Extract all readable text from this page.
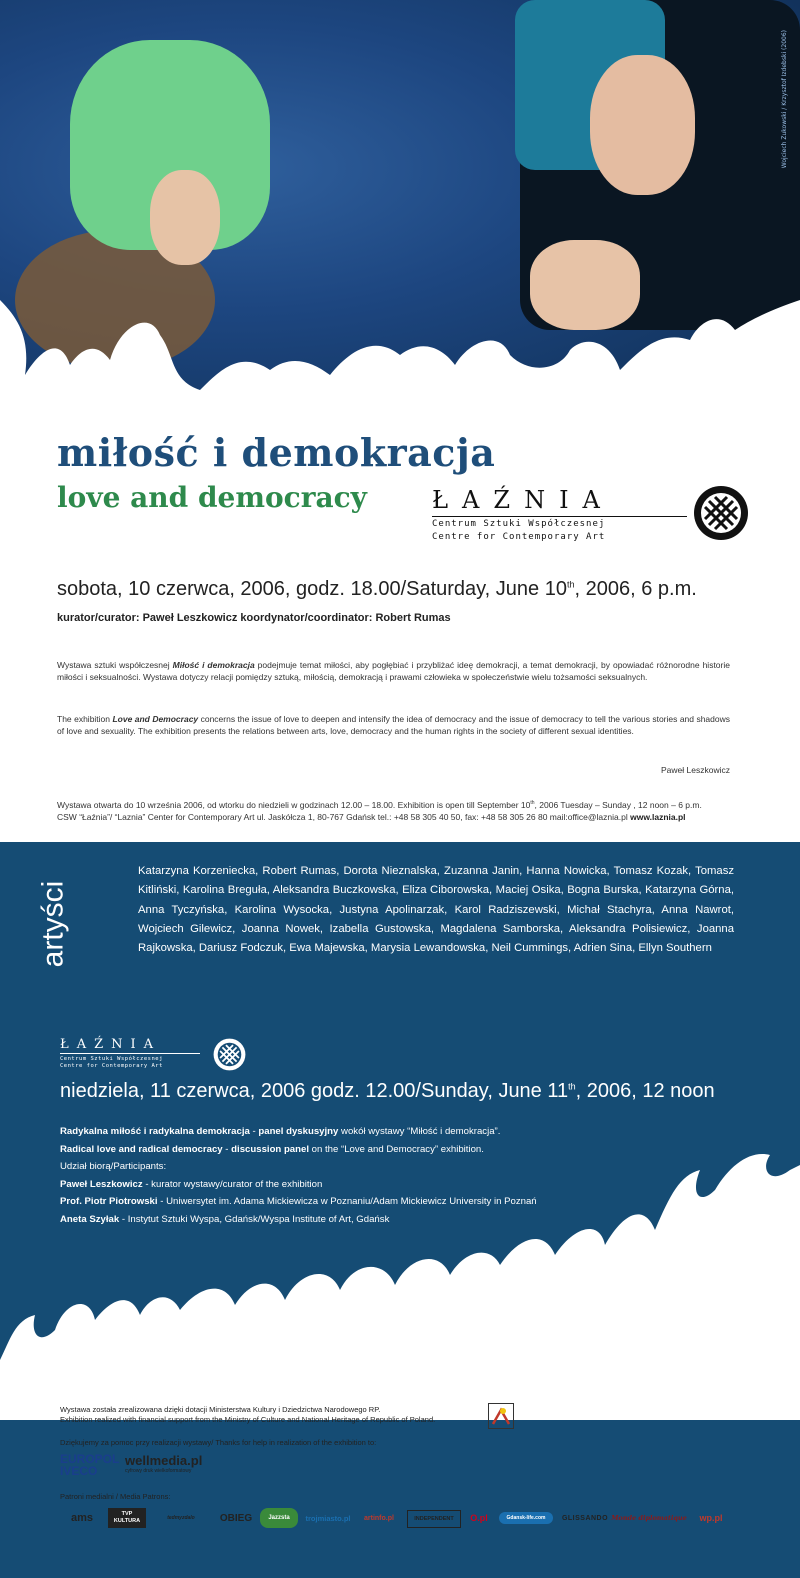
Wojciech Żukowski / Krzysztof Izdebski (2006)
miłość i demokracja
love and democracy	ŁAŹNIA
Centrum Sztuki Współczesnej
Centre for Contemporary Art
sobota, 10 czerwca, 2006, godz. 18.00/Saturday, June 10th, 2006, 6 p.m.
kurator/curator: Paweł Leszkowicz koordynator/coordinator: Robert Rumas
Wystawa sztuki współczesnej Miłość i demokracja podejmuje temat miłości, aby pogłębiać i przybliżać ideę demokracji, a temat demokracji, by opowiadać różnorodne historie miłości i seksualności. Wystawa dotyczy relacji pomiędzy sztuką, miłością, demokracją i prawami człowieka w społeczeństwie wielu tożsamości seksualnych.
The exhibition Love and Democracy concerns the issue of love to deepen and intensify the idea of democracy and the issue of democracy to tell the various stories and shadows of love and sexuality. The exhibition presents the relations between arts, love, democracy and the human rights in the society of different sexual identities.
Paweł Leszkowicz
Wystawa otwarta do 10 września 2006, od wtorku do niedzieli w godzinach 12.00 – 18.00. Exhibition is open till September 10th, 2006 Tuesday – Sunday , 12 noon – 6 p.m.
CSW “Łaźnia”/ “Laznia” Center for Contemporary Art ul. Jaskółcza 1, 80-767 Gdańsk tel.: +48 58 305 40 50, fax: +48 58 305 26 80 mail:office@laznia.pl www.laznia.pl
artyści
Katarzyna Korzeniecka, Robert Rumas, Dorota Nieznalska, Zuzanna Janin, Hanna Nowicka, Tomasz Kozak, Tomasz Kitliński, Karolina Breguła, Aleksandra Buczkowska, Eliza Ciborowska, Maciej Osika, Bogna Burska, Katarzyna Górna, Anna Tyczyńska, Karolina Wysocka, Justyna Apolinarzak, Karol Radziszewski, Michał Stachyra, Anna Nawrot, Wojciech Gilewicz, Joanna Nowek, Izabella Gustowska, Magdalena Samborska, Aleksandra Polisiewicz, Joanna Rajkowska, Dariusz Fodczuk, Ewa Majewska, Marysia Lewandowska, Neil Cummings, Adrien Sina, Ellyn Southern
ŁAŹNIA
Centrum Sztuki Współczesnej
Centre for Contemporary Art
niedziela, 11 czerwca, 2006 godz. 12.00/Sunday, June 11th, 2006, 12 noon
Radykalna miłość i radykalna demokracja - panel dyskusyjny wokół wystawy “Miłość i demokracja”.
Radical love and radical democracy - discussion panel on the “Love and Democracy” exhibition.
Udział biorą/Participants:
Paweł Leszkowicz - kurator wystawy/curator of the exhibition
Prof. Piotr Piotrowski - Uniwersytet im. Adama Mickiewicza w Poznaniu/Adam Mickiewicz University in Poznań
Aneta Szyłak - Instytut Sztuki Wyspa, Gdańsk/Wyspa Institute of Art, Gdańsk
Wystawa została zrealizowana dzięki dotacji Ministerstwa Kultury i Dziedzictwa Narodowego RP.
Exhibition realized with financial support from the Ministry of Culture and National Heritage of Republic of Poland.
Dziękujemy za pomoc przy realizacji wystawy/ Thanks for help in realization of the exhibition to:
EUROPOL
IVECO
wellmedia.pl
cyfrowy druk wielkoformatowy
Patroni medialni / Media Patrons:
ams	TVP KULTURA	tedmyzdalo	OBIEG	Jazzsta	trojmiasto.pl	artinfo.pl	INDEPENDENT	O.pl	Gdansk-life.com	GLISSANDO Monde diplomatique	wp.pl
